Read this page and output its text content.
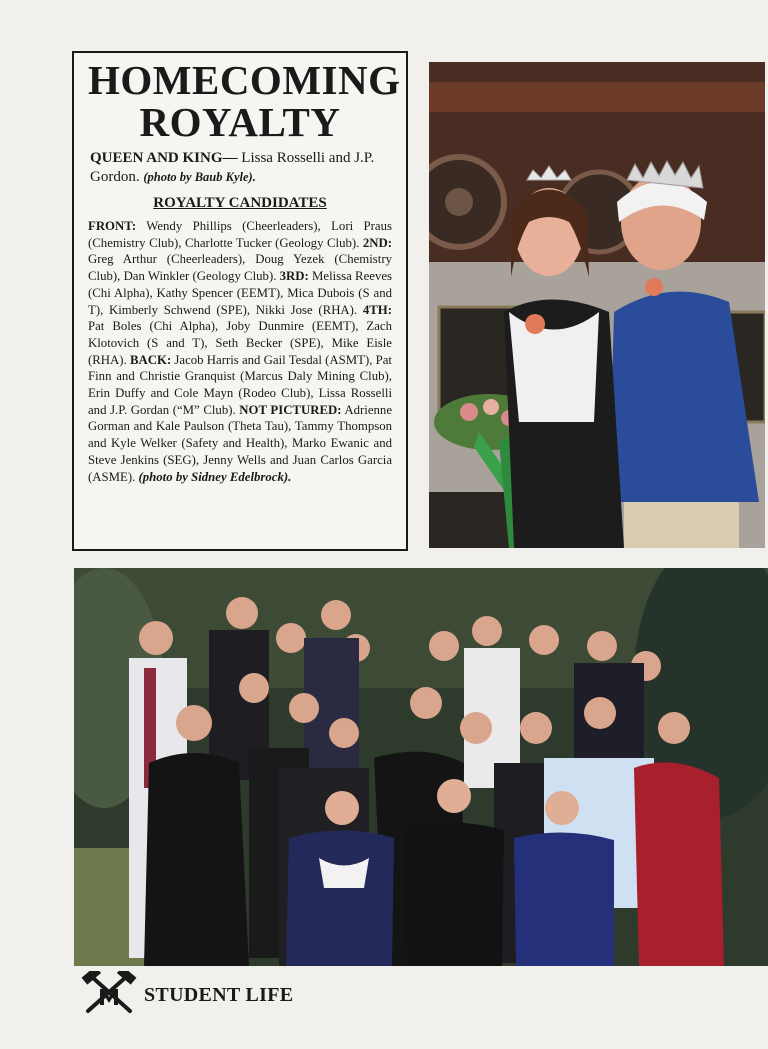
HOMECOMING ROYALTY

QUEEN AND KING— Lissa Rosselli and J.P. Gordon. (photo by Baub Kyle).

ROYALTY CANDIDATES
FRONT: Wendy Phillips (Cheerleaders), Lori Praus (Chemistry Club), Charlotte Tucker (Geology Club). 2ND: Greg Arthur (Cheerleaders), Doug Yezek (Chemistry Club), Dan Winkler (Geology Club). 3RD: Melissa Reeves (Chi Alpha), Kathy Spencer (EEMT), Mica Dubois (S and T), Kimberly Schwend (SPE), Nikki Jose (RHA). 4TH: Pat Boles (Chi Alpha), Joby Dunmire (EEMT), Zach Klotovich (S and T), Seth Becker (SPE), Mike Eisle (RHA). BACK: Jacob Harris and Gail Tesdal (ASMT), Pat Finn and Christie Granquist (Marcus Daly Mining Club), Erin Duffy and Cole Mayn (Rodeo Club), Lissa Rosselli and J.P. Gordan (“M” Club). NOT PICTURED: Adrienne Gorman and Kale Paulson (Theta Tau), Tammy Thompson and Kyle Welker (Safety and Health), Marko Ewanic and Steve Jenkins (SEG), Jenny Wells and Juan Carlos Garcia (ASME). (photo by Sidney Edelbrock).
STUDENT LIFE
